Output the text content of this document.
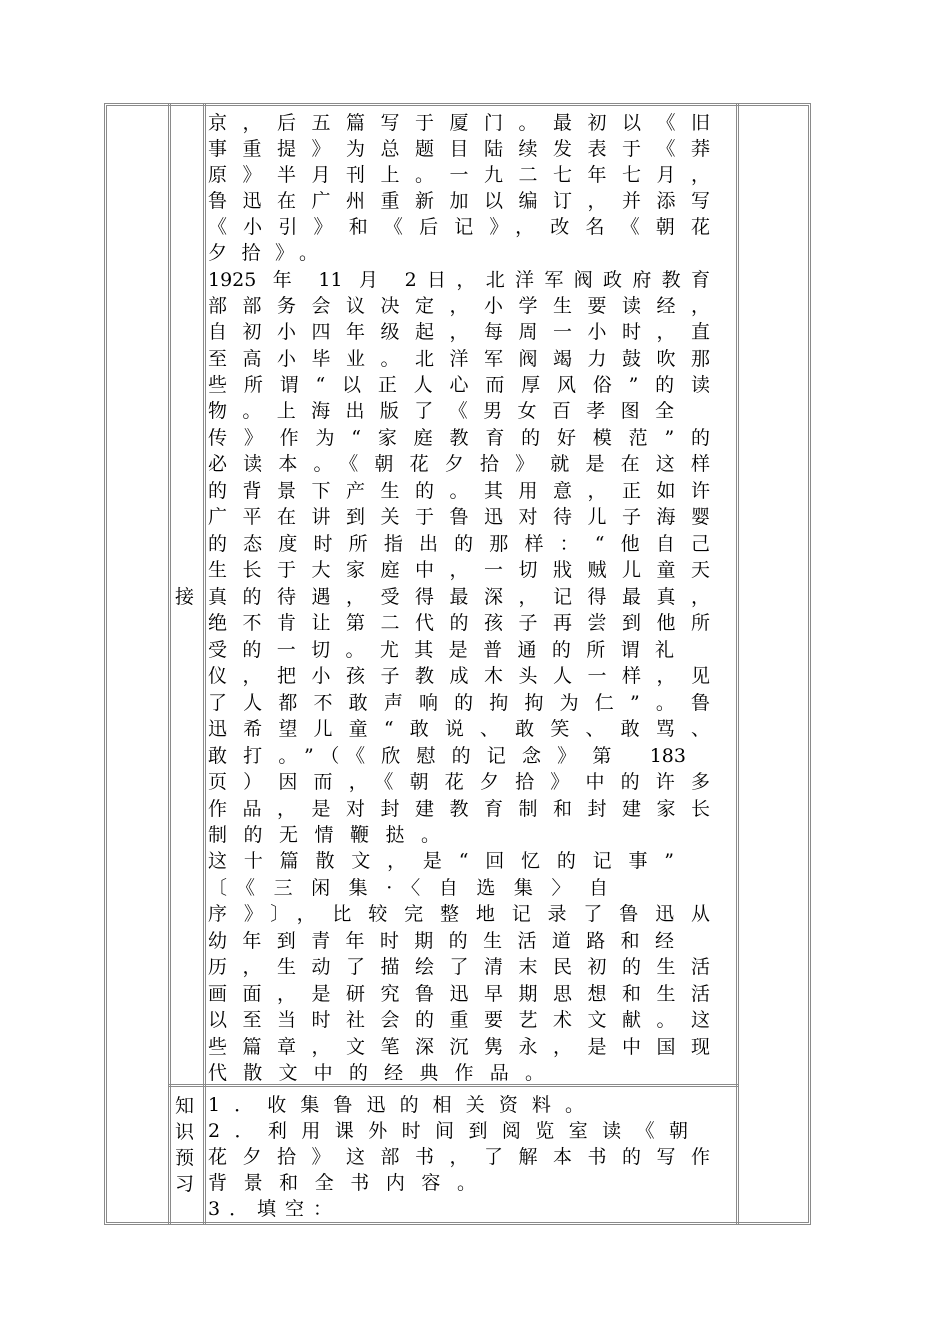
接
知
识
预
习
京，后五篇写于厦门。最初以《旧
事重提》为总题目陆续发表于《莽
原》半月刊上。一九二七年七月，
鲁迅在广州重新加以编订，并添写
《小引》和《后记》，改名《朝花
夕拾》。
1925 年 11 月 2日，北洋军阀政府教育
部部务会议决定，小学生要读经，
自初小四年级起，每周一小时，直
至高小毕业。北洋军阀竭力鼓吹那
些所谓“以正人心而厚风俗”的读
物。上海出版了《男女百孝图全
传》作为“家庭教育的好模范”的
必读本。《朝花夕拾》就是在这样
的背景下产生的。其用意，正如许
广平在讲到关于鲁迅对待儿子海婴
的态度时所指出的那样：“他自己
生长于大家庭中，一切戕贼儿童天
真的待遇，受得最深，记得最真，
绝不肯让第二代的孩子再尝到他所
受的一切。尤其是普通的所谓礼
仪，把小孩子教成木头人一样，见
了人都不敢声响的拘拘为仁”。鲁
迅希望儿童“敢说、敢笑、敢骂、
敢打。”（《欣慰的记念》第 183
页）因而，《朝花夕拾》中的许多
作品，是对封建教育制和封建家长
制的无情鞭挞。
这十篇散文，是“回忆的记事”
〔《三闲集·〈自选集〉自
序》〕，比较完整地记录了鲁迅从
幼年到青年时期的生活道路和经
历，生动了描绘了清末民初的生活
画面，是研究鲁迅早期思想和生活
以至当时社会的重要艺术文献。这
些篇章，文笔深沉隽永，是中国现
代散文中的经典作品。
1．收集鲁迅的相关资料。
2．利用课外时间到阅览室读《朝
花夕拾》这部书，了解本书的写作
背景和全书内容。
3．填空：
